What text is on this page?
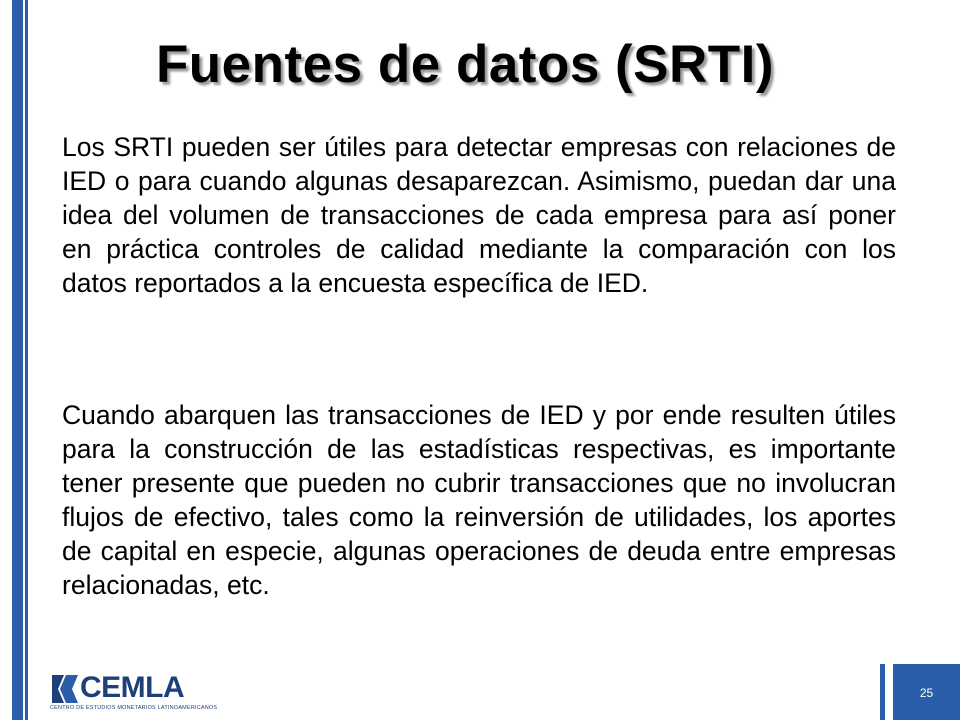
Fuentes de datos (SRTI)

Los SRTI pueden ser útiles para detectar empresas con relaciones de IED o para cuando algunas desaparezcan. Asimismo, puedan dar una idea del volumen de transacciones de cada empresa para así poner en práctica controles de calidad mediante la comparación con los datos reportados a la encuesta específica de IED.

Cuando abarquen las transacciones de IED y por ende resulten útiles para la construcción de las estadísticas respectivas, es importante tener presente que pueden no cubrir transacciones que no involucran flujos de efectivo, tales como la reinversión de utilidades, los aportes de capital en especie, algunas operaciones de deuda entre empresas relacionadas, etc.

CEMLA
CENTRO DE ESTUDIOS MONETARIOS LATINOAMERICANOS
25
